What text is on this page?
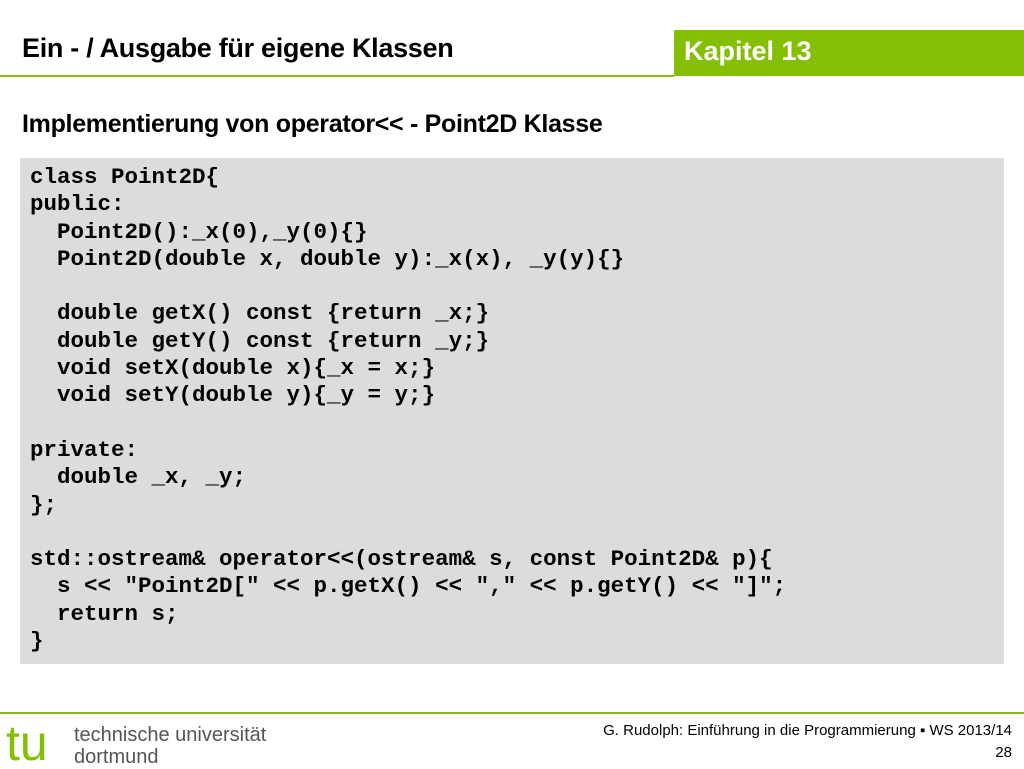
Ein - / Ausgabe für eigene Klassen	Kapitel 13
Implementierung von operator<< - Point2D Klasse
class Point2D{
public:
Point2D():_x(0),_y(0){}
Point2D(double x, double y):_x(x), _y(y){}

double getX() const {return _x;}
double getY() const {return _y;}
void setX(double x){_x = x;}
void setY(double y){_y = y;}

private:
double _x, _y;
};

std::ostream& operator<<(ostream& s, const Point2D& p){
s << "Point2D[" << p.getX() << "," << p.getY() << "]";
return s;
}
tu technische universität
dortmund
G. Rudolph: Einführung in die Programmierung ▪ WS 2013/14
28
